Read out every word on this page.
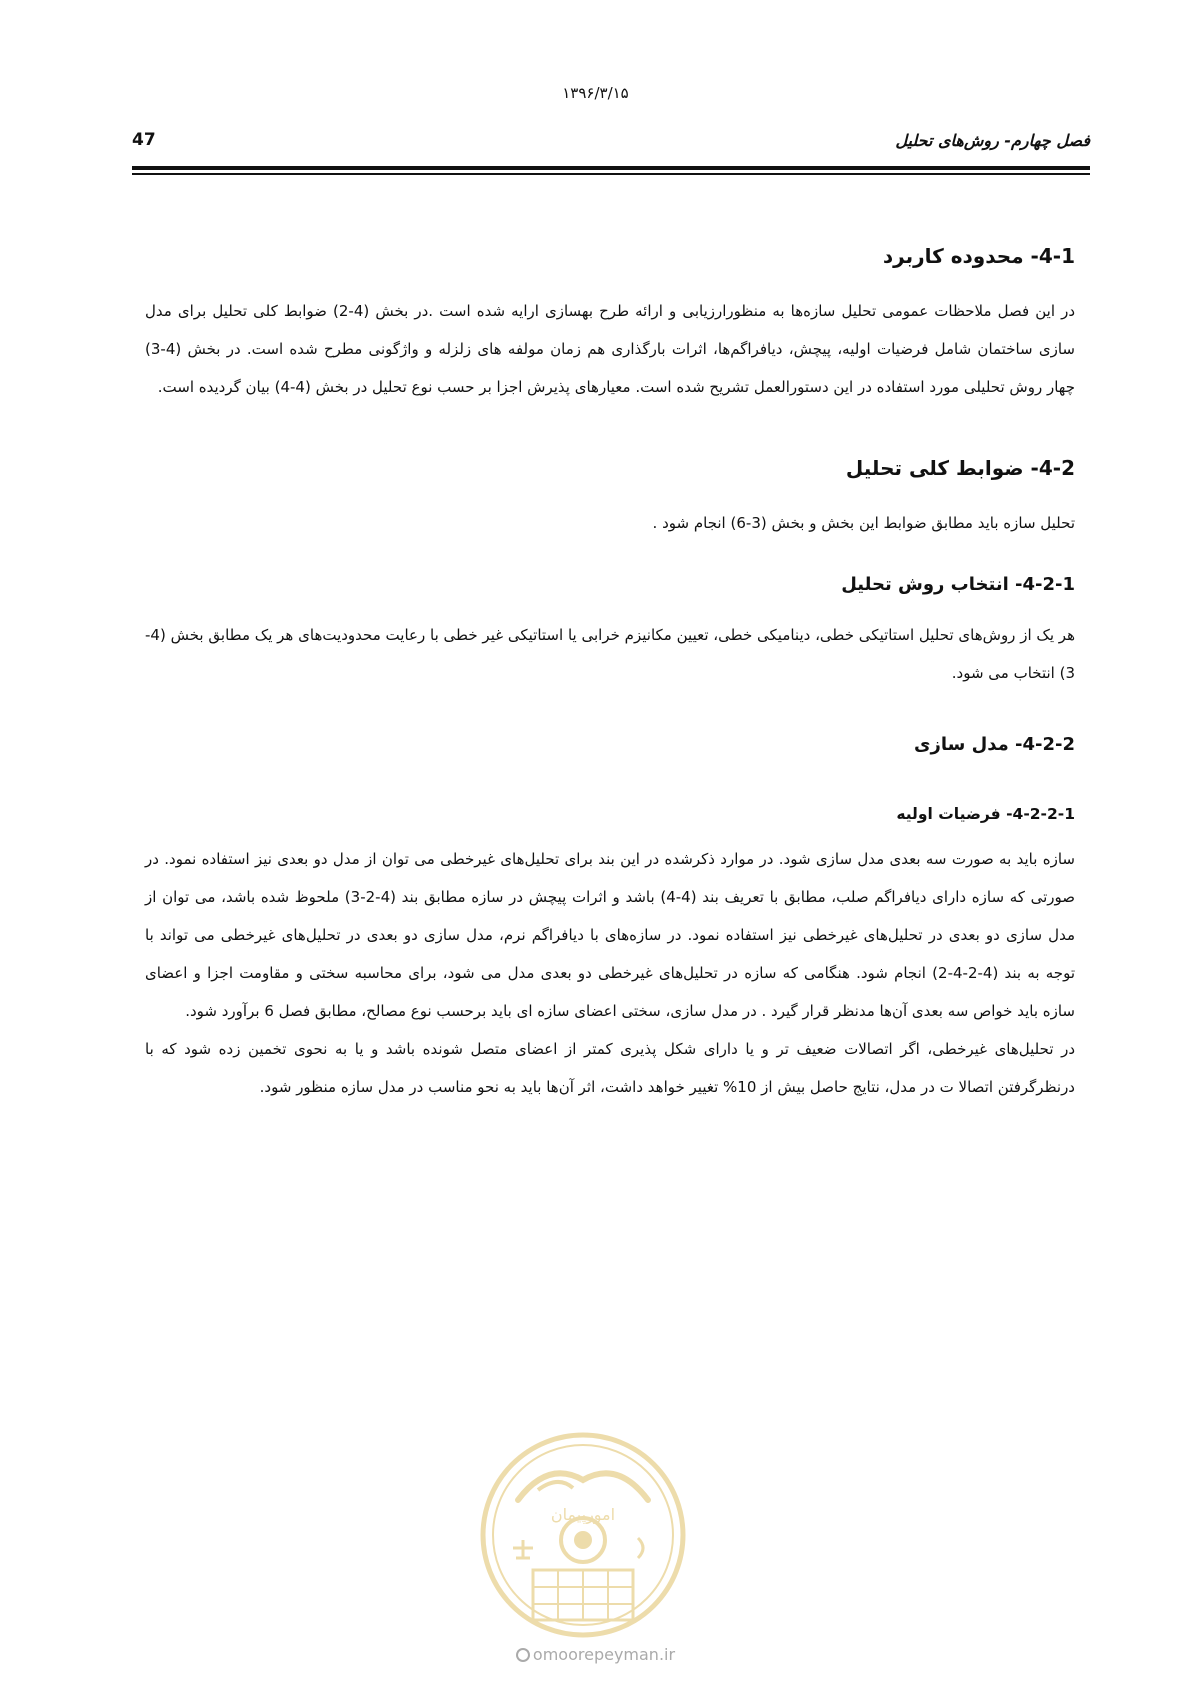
۱۳۹۶/۳/۱۵
فصل چهارم- روش‌های تحلیل
47
4-1- محدوده کاربرد

در این فصل ملاحظات عمومی تحلیل سازه‌ها به منظورارزیابی و ارائه طرح بهسازی ارایه شده است .در بخش (4-2) ضوابط کلی تحلیل برای مدل سازی ساختمان شامل فرضیات اولیه، پیچش، دیافراگم‌ها، اثرات بارگذاری هم زمان مولفه های زلزله و واژگونی مطرح شده است. در بخش (4-3) چهار روش تحلیلی مورد استفاده در این دستورالعمل تشریح شده است. معیارهای پذیرش اجزا بر حسب نوع تحلیل در بخش (4-4) بیان گردیده است.

4-2- ضوابط کلی تحلیل

تحلیل سازه باید مطابق ضوابط این بخش و بخش (3-6) انجام شود .

4-2-1- انتخاب روش تحلیل

هر یک از روش‌های تحلیل استاتیکی خطی، دینامیکی خطی، تعیین مکانیزم خرابی یا استاتیکی غیر خطی با رعایت محدودیت‌های هر یک مطابق بخش (4-3) انتخاب می شود.

4-2-2- مدل سازی
4-2-2-1- فرضیات اولیه

سازه باید به صورت سه بعدی مدل سازی شود. در موارد ذکرشده در این بند برای تحلیل‌های غیرخطی می توان از مدل دو بعدی نیز استفاده نمود. در صورتی که سازه دارای دیافراگم صلب، مطابق با تعریف بند (4-4) باشد و اثرات پیچش در سازه مطابق بند (4-2-3) ملحوظ شده باشد، می توان از مدل سازی دو بعدی در تحلیل‌های غیرخطی نیز استفاده نمود. در سازه‌های با دیافراگم نرم، مدل سازی دو بعدی در تحلیل‌های غیرخطی می تواند با توجه به بند (4-2-4-2) انجام شود. هنگامی که سازه در تحلیل‌های غیرخطی دو بعدی مدل می شود، برای محاسبه سختی و مقاومت اجزا و اعضای سازه باید خواص سه بعدی آن‌ها مدنظر قرار گیرد . در مدل سازی، سختی اعضای سازه ای باید برحسب نوع مصالح، مطابق فصل 6 برآورد شود.

در تحلیل‌های غیرخطی، اگر اتصالات ضعیف تر و یا دارای شکل پذیری کمتر از اعضای متصل شونده باشد و یا به نحوی تخمین زده شود که با درنظرگرفتن اتصالا ت در مدل، نتایج حاصل بیش از 10% تغییر خواهد داشت، اثر آن‌ها باید به نحو مناسب در مدل سازه منظور شود.

امورپیمان
omoorepeyman.ir
